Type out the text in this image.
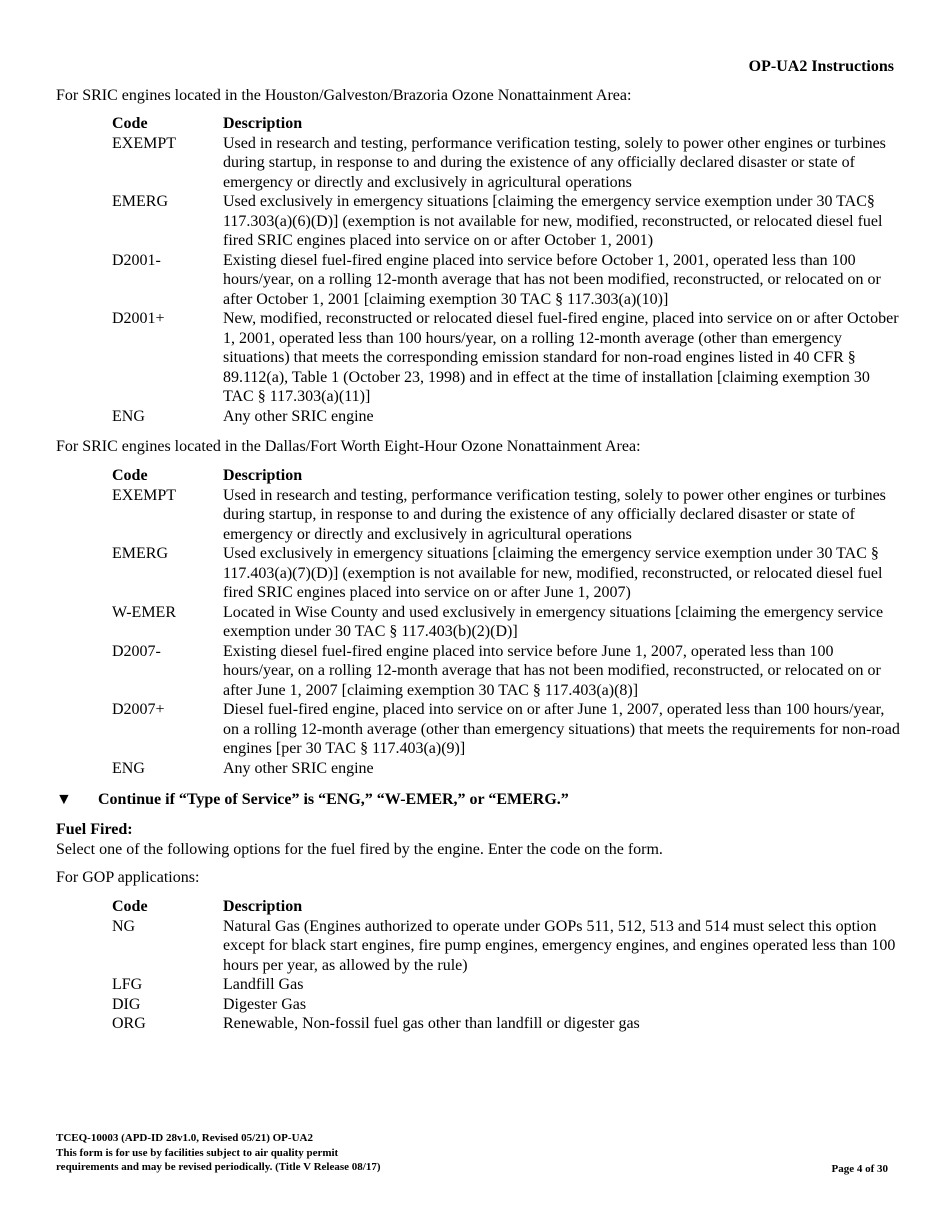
OP-UA2 Instructions
For SRIC engines located in the Houston/Galveston/Brazoria Ozone Nonattainment Area:
Code	Description
EXEMPT	Used in research and testing, performance verification testing, solely to power other engines or turbines during startup, in response to and during the existence of any officially declared disaster or state of emergency or directly and exclusively in agricultural operations
EMERG	Used exclusively in emergency situations [claiming the emergency service exemption under 30 TAC§ 117.303(a)(6)(D)] (exemption is not available for new, modified, reconstructed, or relocated diesel fuel fired SRIC engines placed into service on or after October 1, 2001)
D2001-	Existing diesel fuel-fired engine placed into service before October 1, 2001, operated less than 100 hours/year, on a rolling 12-month average that has not been modified, reconstructed, or relocated on or after October 1, 2001 [claiming exemption 30 TAC § 117.303(a)(10)]
D2001+	New, modified, reconstructed or relocated diesel fuel-fired engine, placed into service on or after October 1, 2001, operated less than 100 hours/year, on a rolling 12-month average (other than emergency situations) that meets the corresponding emission standard for non-road engines listed in 40 CFR § 89.112(a), Table 1 (October 23, 1998) and in effect at the time of installation [claiming exemption 30 TAC § 117.303(a)(11)]
ENG	Any other SRIC engine
For SRIC engines located in the Dallas/Fort Worth Eight-Hour Ozone Nonattainment Area:
Code	Description
EXEMPT	Used in research and testing, performance verification testing, solely to power other engines or turbines during startup, in response to and during the existence of any officially declared disaster or state of emergency or directly and exclusively in agricultural operations
EMERG	Used exclusively in emergency situations [claiming the emergency service exemption under 30 TAC § 117.403(a)(7)(D)] (exemption is not available for new, modified, reconstructed, or relocated diesel fuel fired SRIC engines placed into service on or after June 1, 2007)
W-EMER	Located in Wise County and used exclusively in emergency situations [claiming the emergency service exemption under 30 TAC § 117.403(b)(2)(D)]
D2007-	Existing diesel fuel-fired engine placed into service before June 1, 2007, operated less than 100 hours/year, on a rolling 12-month average that has not been modified, reconstructed, or relocated on or after June 1, 2007 [claiming exemption 30 TAC § 117.403(a)(8)]
D2007+	Diesel fuel-fired engine, placed into service on or after June 1, 2007, operated less than 100 hours/year, on a rolling 12-month average (other than emergency situations) that meets the requirements for non-road engines [per 30 TAC § 117.403(a)(9)]
ENG	Any other SRIC engine
▼ Continue if “Type of Service” is “ENG,” “W-EMER,” or “EMERG.”
Fuel Fired:
Select one of the following options for the fuel fired by the engine. Enter the code on the form.
For GOP applications:
Code	Description
NG	Natural Gas (Engines authorized to operate under GOPs 511, 512, 513 and 514 must select this option except for black start engines, fire pump engines, emergency engines, and engines operated less than 100 hours per year, as allowed by the rule)
LFG	Landfill Gas
DIG	Digester Gas
ORG	Renewable, Non-fossil fuel gas other than landfill or digester gas
TCEQ-10003 (APD-ID 28v1.0, Revised 05/21) OP-UA2
This form is for use by facilities subject to air quality permit
requirements and may be revised periodically. (Title V Release 08/17)	Page 4 of 30
